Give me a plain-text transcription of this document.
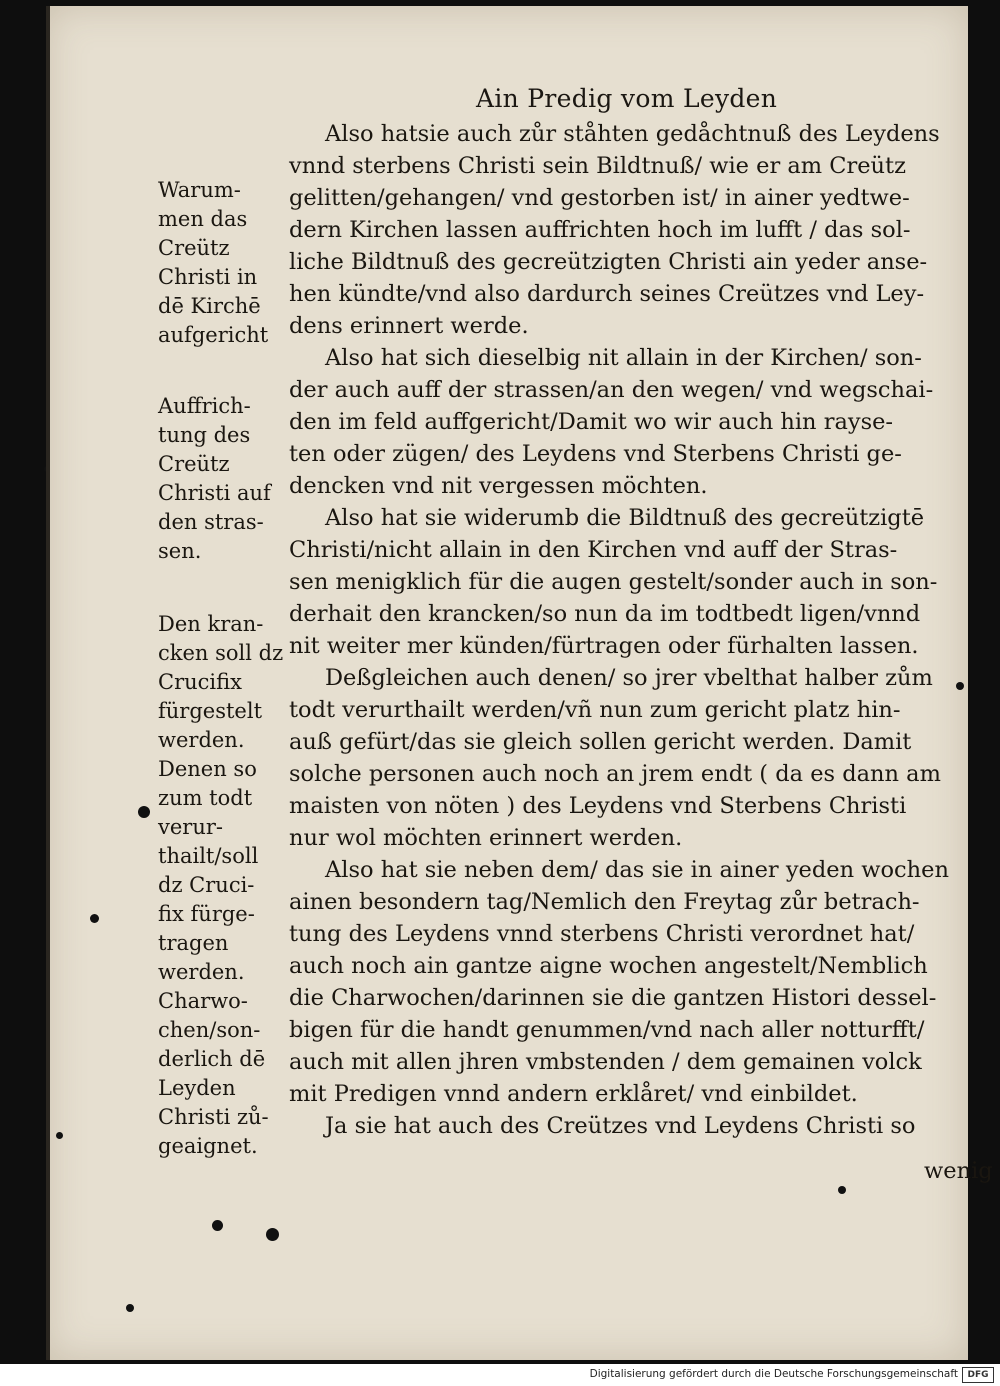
Ain Predig vom Leyden
Warum-
men das
Creütz
Christi in
dē Kirchē
aufgericht
Auffrich-
tung des
Creütz
Christi auf
den stras-
sen.
Den kran-
cken soll dz
Crucifix
fürgestelt
werden.
Denen so
zum todt
verur-
thailt/soll
dz Cruci-
fix fürge-
tragen
werden.
Charwo-
chen/son-
derlich dē
Leyden
Christi zů-
geaignet.
Also hatsie auch zůr ståhten gedåchtnuß des Leydens
vnnd sterbens Christi sein Bildtnuß/ wie er am Creütz
gelitten/gehangen/ vnd gestorben ist/ in ainer yedtwe-
dern Kirchen lassen auffrichten hoch im lufft / das sol-
liche Bildtnuß des gecreützigten Christi ain yeder anse-
hen kündte/vnd also dardurch seines Creützes vnd Ley-
dens erinnert werde.
Also hat sich dieselbig nit allain in der Kirchen/ son-
der auch auff der strassen/an den wegen/ vnd wegschai-
den im feld auffgericht/Damit wo wir auch hin rayse-
ten oder zügen/ des Leydens vnd Sterbens Christi ge-
dencken vnd nit vergessen möchten.
Also hat sie widerumb die Bildtnuß des gecreützigtē
Christi/nicht allain in den Kirchen vnd auff der Stras-
sen menigklich für die augen gestelt/sonder auch in son-
derhait den krancken/so nun da im todtbedt ligen/vnnd
nit weiter mer künden/fürtragen oder fürhalten lassen.
Deßgleichen auch denen/ so jrer vbelthat halber zům
todt verurthailt werden/vñ nun zum gericht platz hin-
auß gefürt/das sie gleich sollen gericht werden. Damit
solche personen auch noch an jrem endt ( da es dann am
maisten von nöten ) des Leydens vnd Sterbens Christi
nur wol möchten erinnert werden.
Also hat sie neben dem/ das sie in ainer yeden wochen
ainen besondern tag/Nemlich den Freytag zůr betrach-
tung des Leydens vnnd sterbens Christi verordnet hat/
auch noch ain gantze aigne wochen angestelt/Nemblich
die Charwochen/darinnen sie die gantzen Histori dessel-
bigen für die handt genummen/vnd nach aller notturfft/
auch mit allen jhren vmbstenden / dem gemainen volck
mit Predigen vnnd andern erklåret/ vnd einbildet.
Ja sie hat auch des Creützes vnd Leydens Christi so
wenig
Digitalisierung gefördert durch die Deutsche Forschungsgemeinschaft	DFG
